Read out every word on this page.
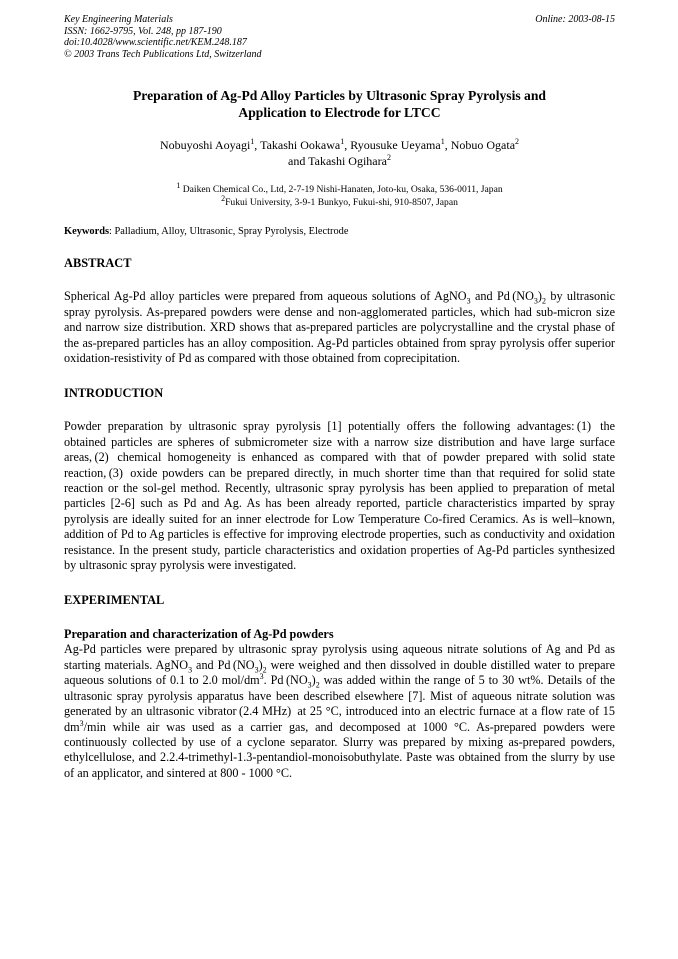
Key Engineering Materials	Online: 2003-08-15
ISSN: 1662-9795, Vol. 248, pp 187-190
doi:10.4028/www.scientific.net/KEM.248.187
© 2003 Trans Tech Publications Ltd, Switzerland
Preparation of Ag-Pd Alloy Particles by Ultrasonic Spray Pyrolysis and
Application to Electrode for LTCC
Nobuyoshi Aoyagi$^1$, Takashi Ookawa$^1$, Ryousuke Ueyama$^1$, Nobuo Ogata$^2$
and Takashi Ogihara$^2$
$^1$ Daiken Chemical Co., Ltd, 2-7-19 Nishi-Hanaten, Joto-ku, Osaka, 536-0011, Japan
$^2$Fukui University, 3-9-1 Bunkyo, Fukui-shi, 910-8507, Japan
Keywords: Palladium, Alloy, Ultrasonic, Spray Pyrolysis, Electrode
ABSTRACT

Spherical Ag-Pd alloy particles were prepared from aqueous solutions of AgNO$_3$ and Pd $(NO_3)_2$ by ultrasonic spray pyrolysis. As-prepared powders were dense and non-agglomerated particles, which had sub-micron size and narrow size distribution. XRD shows that as-prepared particles are polycrystalline and the crystal phase of the as-prepared particles has an alloy composition. Ag-Pd particles obtained from spray pyrolysis offer superior oxidation-resistivity of Pd as compared with those obtained from coprecipitation.

INTRODUCTION

Powder preparation by ultrasonic spray pyrolysis [1] potentially offers the following advantages: (1)  the obtained particles are spheres of submicrometer size with a narrow size distribution and have large surface areas, (2)  chemical homogeneity is enhanced as compared with that of powder prepared with solid state reaction, (3)  oxide powders can be prepared directly, in much shorter time than that required for solid state reaction or the sol-gel method. Recently, ultrasonic spray pyrolysis has been applied to preparation of metal particles [2-6] such as Pd and Ag. As has been already reported, particle characteristics imparted by spray pyrolysis are ideally suited for an inner electrode for Low Temperature Co-fired Ceramics. As is well–known, addition of Pd to Ag particles is effective for improving electrode properties, such as conductivity and oxidation resistance. In the present study, particle characteristics and oxidation properties of Ag-Pd particles synthesized by ultrasonic spray pyrolysis were investigated.

EXPERIMENTAL
Preparation and characterization of Ag-Pd powders

Ag-Pd particles were prepared by ultrasonic spray pyrolysis using aqueous nitrate solutions of Ag and Pd as starting materials. AgNO$_3$ and Pd $(NO_3)_2$ were weighed and then dissolved in double distilled water to prepare aqueous solutions of 0.1 to 2.0 mol/$dm^3$. Pd $(NO_3)_2$ was added within the range of 5 to 30 wt%. Details of the ultrasonic spray pyrolysis apparatus have been described elsewhere [7]. Mist of aqueous nitrate solution was generated by an ultrasonic vibrator (2.4 MHz)  at 25 °C, introduced into an electric furnace at a flow rate of 15 $dm^3/\min$ while air was used as a carrier gas, and decomposed at 1000 °C. As-prepared powders were continuously collected by use of a cyclone separator. Slurry was prepared by mixing as-prepared powders, ethylcellulose, and 2.2.4-trimethyl-1.3-pentandiol-monoisobuthylate. Paste was obtained from the slurry by use of an applicator, and sintered at 800 - 1000 °C.
